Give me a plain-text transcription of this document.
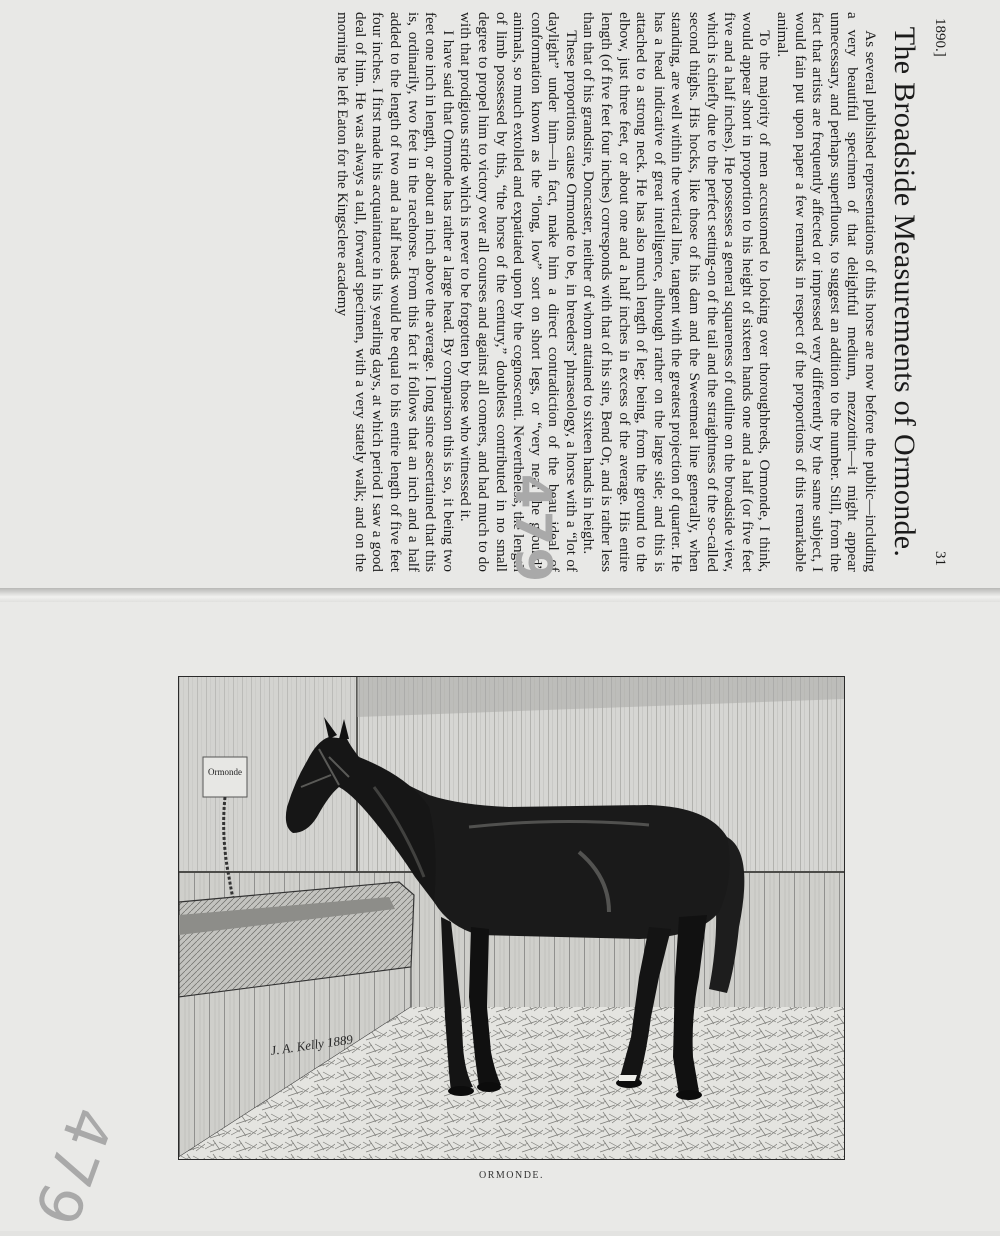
1890.]
31
The Broadside Measurements of Ormonde.

As several published representations of this horse are now before the public—including a very beautiful specimen of that delightful medium, mezzotint—it might appear unnecessary, and perhaps superfluous, to suggest an addition to the number. Still, from the fact that artists are frequently affected or impressed very differently by the same subject, I would fain put upon paper a few remarks in respect of the proportions of this remarkable animal.

To the majority of men accustomed to looking over thoroughbreds, Ormonde, I think, would appear short in proportion to his height of sixteen hands one and a half (or five feet five and a half inches). He possesses a general squareness of outline on the broadside view, which is chiefly due to the perfect setting-on of the tail and the straightness of the so-called second thighs. His hocks, like those of his dam and the Sweetmeat line generally, when standing, are well within the vertical line, tangent with the greatest projection of quarter. He has a head indicative of great intelligence, although rather on the large side; and this is attached to a strong neck. He has also much length of leg; being, from the ground to the elbow, just three feet, or about one and a half inches in excess of the average. His entire length (of five feet four inches) corresponds with that of his sire, Bend Or, and is rather less than that of his grandsire, Doncaster, neither of whom attained to sixteen hands in height.

These proportions cause Ormonde to be, in breeders’ phraseology, a horse with a “lot of daylight” under him—in fact, make him a direct contradiction of the beau ideal of conformation known as the “long, low” sort on short legs, or “very near the ground” animals, so much extolled and expatiated upon by the cognoscenti. Nevertheless, the length of limb possessed by this, “the horse of the century,” doubtless contributed in no small degree to propel him to victory over all courses and against all comers, and had much to do with that prodigious stride which is never to be forgotten by those who witnessed it.

I have said that Ormonde has rather a large head. By comparison this is so, it being two feet one inch in length, or about an inch above the average. I long since ascertained that this is, ordinarily, two feet in the racehorse. From this fact it follows that an inch and a half added to the length of two and a half heads would be equal to his entire length of five feet four inches. I first made his acquaintance in his yearling days, at which period I saw a good deal of him. He was always a tall, forward specimen, with a very stately walk; and on the morning he left Eaton for the Kingsclere academy

479
Ormonde
J. A. Kelly 1889
ORMONDE.
479
